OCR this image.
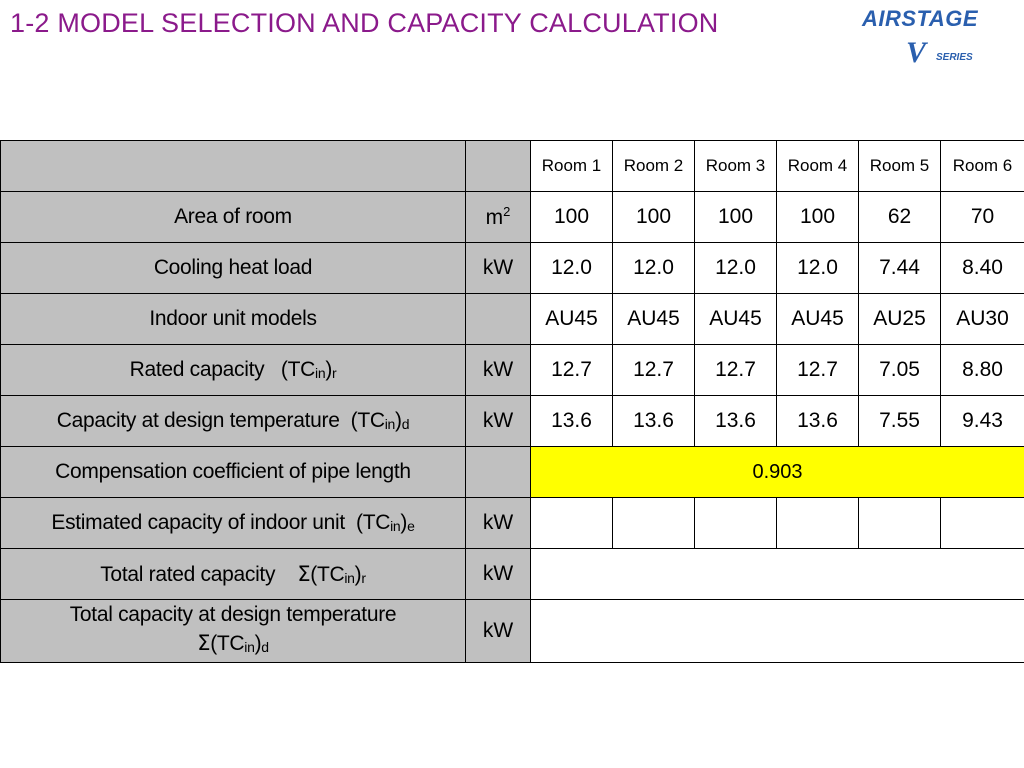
1-2 MODEL SELECTION AND CAPACITY CALCULATION	AIRSTAGE
V SERIES
		Room 1	Room 2	Room 3	Room 4	Room 5	Room 6
Area of room	$m^2$	100	100	100	100	62	70
Cooling heat load	kW	12.0	12.0	12.0	12.0	7.44	8.40
Indoor unit models		AU45	AU45	AU45	AU45	AU25	AU30
Rated capacity   $(TC_{in})_r$	kW	12.7	12.7	12.7	12.7	7.05	8.80
Capacity at design temperature  $(TC_{in})_d$	kW	13.6	13.6	13.6	13.6	7.55	9.43
Compensation coefficient of pipe length		0.903					
Estimated capacity of indoor unit  $(TC_{in})_e$	kW						
Total rated capacity    $\Sigma(TC_{in})_r$	kW						

Total capacity at design temperature
$\Sigma(TC_{in})_d$	kW						
